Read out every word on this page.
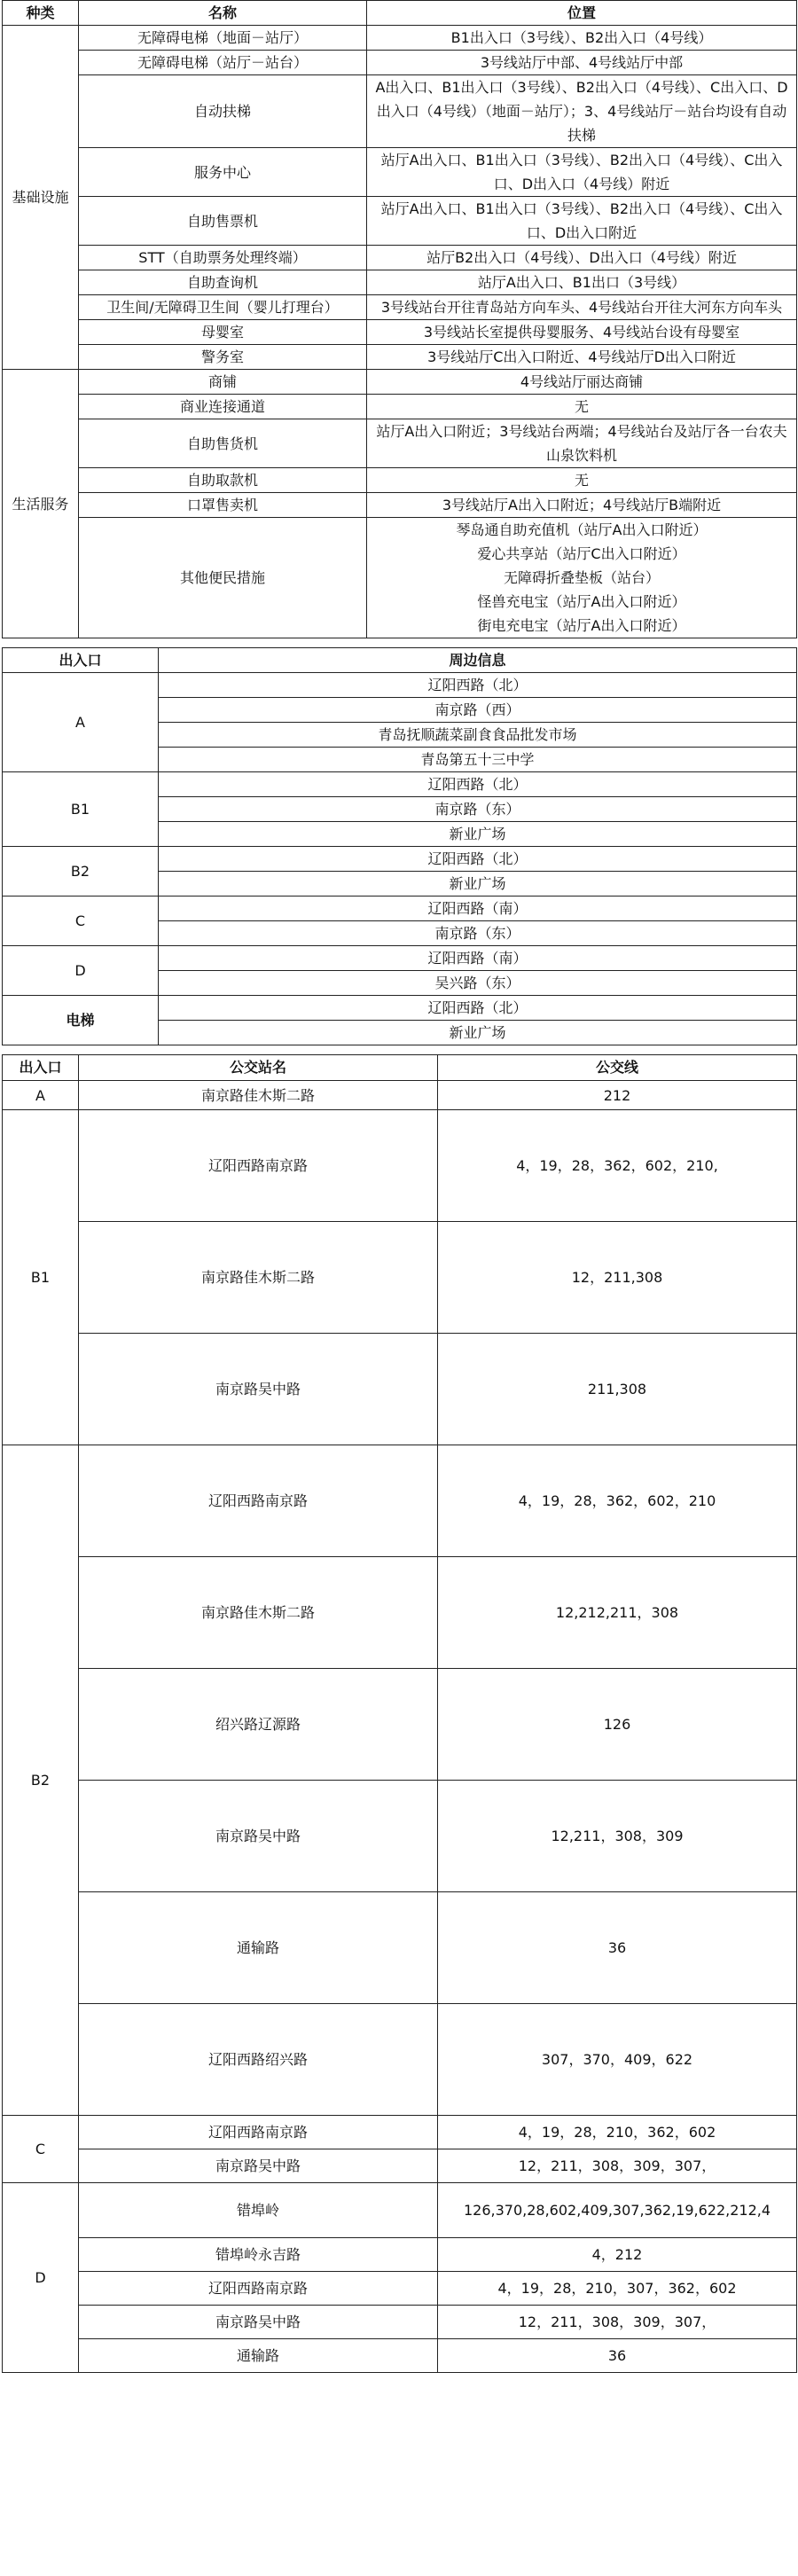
种类	名称	位置
基础设施	无障碍电梯（地面－站厅）	B1出入口（3号线）、B2出入口（4号线）
	无障碍电梯（站厅－站台）	3号线站厅中部、4号线站厅中部
	自动扶梯	A出入口、B1出入口（3号线）、B2出入口（4号线）、C出入口、D出入口（4号线）（地面－站厅）；3、4号线站厅－站台均设有自动扶梯
	服务中心	站厅A出入口、B1出入口（3号线）、B2出入口（4号线）、C出入口、D出入口（4号线）附近
	自助售票机	站厅A出入口、B1出入口（3号线）、B2出入口（4号线）、C出入口、D出入口附近
	STT（自助票务处理终端）	站厅B2出入口（4号线）、D出入口（4号线）附近
	自助查询机	站厅A出入口、B1出口（3号线）
	卫生间/无障碍卫生间（婴儿打理台）	3号线站台开往青岛站方向车头、4号线站台开往大河东方向车头
	母婴室	3号线站长室提供母婴服务、4号线站台设有母婴室
	警务室	3号线站厅C出入口附近、4号线站厅D出入口附近
生活服务	商铺	4号线站厅丽达商铺
	商业连接通道	无
	自助售货机	站厅A出入口附近；3号线站台两端；4号线站台及站厅各一台农夫山泉饮料机
	自助取款机	无
	口罩售卖机	3号线站厅A出入口附近；4号线站厅B端附近
	其他便民措施	琴岛通自助充值机（站厅A出入口附近）
爱心共享站（站厅C出入口附近）
无障碍折叠垫板（站台）
怪兽充电宝（站厅A出入口附近）
街电充电宝（站厅A出入口附近）
出入口	周边信息
A	辽阳西路（北）
	南京路（西）
	青岛抚顺蔬菜副食食品批发市场
	青岛第五十三中学
B1	辽阳西路（北）
	南京路（东）
	新业广场
B2	辽阳西路（北）
	新业广场
C	辽阳西路（南）
	南京路（东）
D	辽阳西路（南）
	吴兴路（东）
电梯	辽阳西路（北）
	新业广场
出入口	公交站名	公交线
A	南京路佳木斯二路	212
B1	辽阳西路南京路	4，19，28，362，602，210,
	南京路佳木斯二路	12，211,308
	南京路吴中路	211,308
B2	辽阳西路南京路	4，19，28，362，602，210
	南京路佳木斯二路	12,212,211，308
	绍兴路辽源路	126
	南京路吴中路	12,211，308，309
	通输路	36
	辽阳西路绍兴路	307，370，409，622
C	辽阳西路南京路	4，19，28，210，362，602
	南京路吴中路	12，211，308，309，307，
D	错埠岭	126,370,28,602,409,307,362,19,622,212,4
	错埠岭永吉路	4，212
	辽阳西路南京路	4，19，28，210，307，362，602
	南京路吴中路	12，211，308，309，307，
	通输路	36
